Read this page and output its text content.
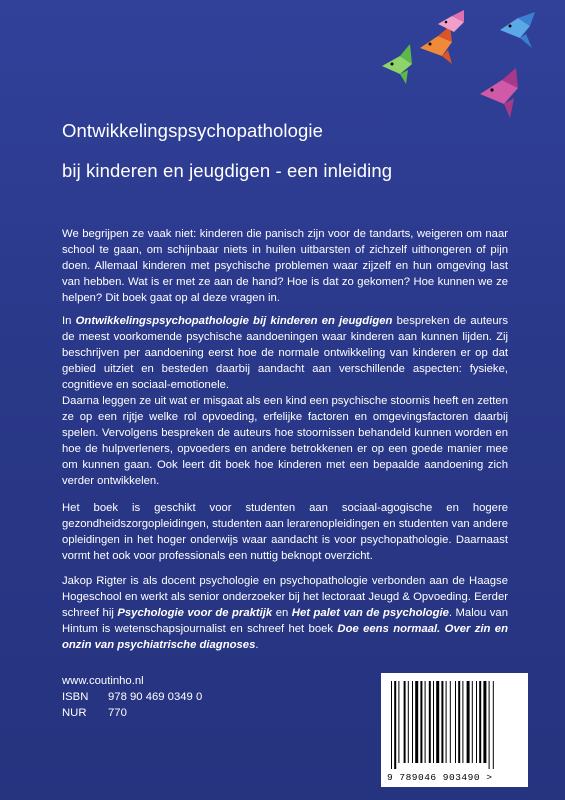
Ontwikkelingspsychopathologie
bij kinderen en jeugdigen - een inleiding
We begrijpen ze vaak niet: kinderen die panisch zijn voor de tandarts, weigeren om naar school te gaan, om schijnbaar niets in huilen uitbarsten of zichzelf uithongeren of pijn doen. Allemaal kinderen met psychische problemen waar zijzelf en hun omgeving last van hebben. Wat is er met ze aan de hand? Hoe is dat zo gekomen? Hoe kunnen we ze helpen? Dit boek gaat op al deze vragen in.
In Ontwikkelingspsychopathologie bij kinderen en jeugdigen bespreken de auteurs de meest voorkomende psychische aandoeningen waar kinderen aan kunnen lijden. Zij beschrijven per aandoening eerst hoe de normale ontwikkeling van kinderen er op dat gebied uitziet en besteden daarbij aandacht aan verschillende aspecten: fysieke, cognitieve en sociaal-emotionele.
Daarna leggen ze uit wat er misgaat als een kind een psychische stoornis heeft en zetten ze op een rijtje welke rol opvoeding, erfelijke factoren en omgevingsfactoren daarbij spelen. Vervolgens bespreken de auteurs hoe stoornissen behandeld kunnen worden en hoe de hulpverleners, opvoeders en andere betrokkenen er op een goede manier mee om kunnen gaan. Ook leert dit boek hoe kinderen met een bepaalde aandoening zich verder ontwikkelen.
Het boek is geschikt voor studenten aan sociaal-agogische en hogere gezondheidszorgopleidingen, studenten aan lerarenopleidingen en studenten van andere opleidingen in het hoger onderwijs waar aandacht is voor psychopathologie. Daarnaast vormt het ook voor professionals een nuttig beknopt overzicht.
Jakop Rigter is als docent psychologie en psychopathologie verbonden aan de Haagse Hogeschool en werkt als senior onderzoeker bij het lectoraat Jeugd & Opvoeding. Eerder schreef hij Psychologie voor de praktijk en Het palet van de psychologie. Malou van Hintum is wetenschapsjournalist en schreef het boek Doe eens normaal. Over zin en onzin van psychiatrische diagnoses.
www.coutinho.nl
ISBN 978 90 469 0349 0
NUR 770
9 789046 903490 >
